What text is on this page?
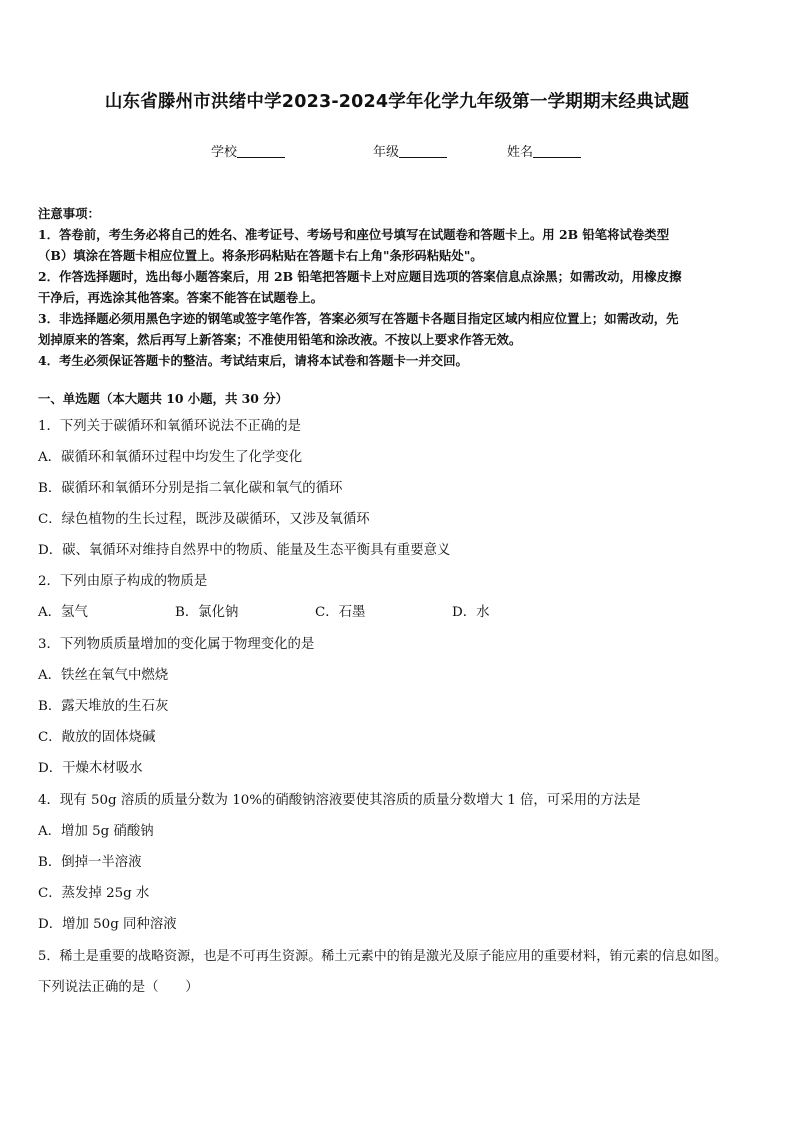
山东省滕州市洪绪中学2023-2024学年化学九年级第一学期期末经典试题
学校	年级	姓名

注意事项：

1．答卷前，考生务必将自己的姓名、准考证号、考场号和座位号填写在试题卷和答题卡上。用 2B 铅笔将试卷类型

（B）填涂在答题卡相应位置上。将条形码粘贴在答题卡右上角"条形码粘贴处"。

2．作答选择题时，选出每小题答案后，用 2B 铅笔把答题卡上对应题目选项的答案信息点涂黑；如需改动，用橡皮擦

干净后，再选涂其他答案。答案不能答在试题卷上。

3．非选择题必须用黑色字迹的钢笔或签字笔作答，答案必须写在答题卡各题目指定区域内相应位置上；如需改动，先

划掉原来的答案，然后再写上新答案；不准使用铅笔和涂改液。不按以上要求作答无效。

4．考生必须保证答题卡的整洁。考试结束后，请将本试卷和答题卡一并交回。

一、单选题（本大题共 10 小题，共 30 分）
1．下列关于碳循环和氧循环说法不正确的是
A．碳循环和氧循环过程中均发生了化学变化
B．碳循环和氧循环分别是指二氧化碳和氧气的循环
C．绿色植物的生长过程，既涉及碳循环，又涉及氧循环
D．碳、氧循环对维持自然界中的物质、能量及生态平衡具有重要意义
2．下列由原子构成的物质是
A．氢气	B．氯化钠	C．石墨	D．水
3．下列物质质量增加的变化属于物理变化的是
A．铁丝在氧气中燃烧
B．露天堆放的生石灰
C．敞放的固体烧碱
D．干燥木材吸水
4．现有 50g 溶质的质量分数为 10%的硝酸钠溶液要使其溶质的质量分数增大 1 倍，可采用的方法是
A．增加 5g 硝酸钠
B．倒掉一半溶液
C．蒸发掉 25g 水
D．增加 50g 同种溶液
5．稀土是重要的战略资源，也是不可再生资源。稀土元素中的铕是激光及原子能应用的重要材料，铕元素的信息如图。
下列说法正确的是（　　）
